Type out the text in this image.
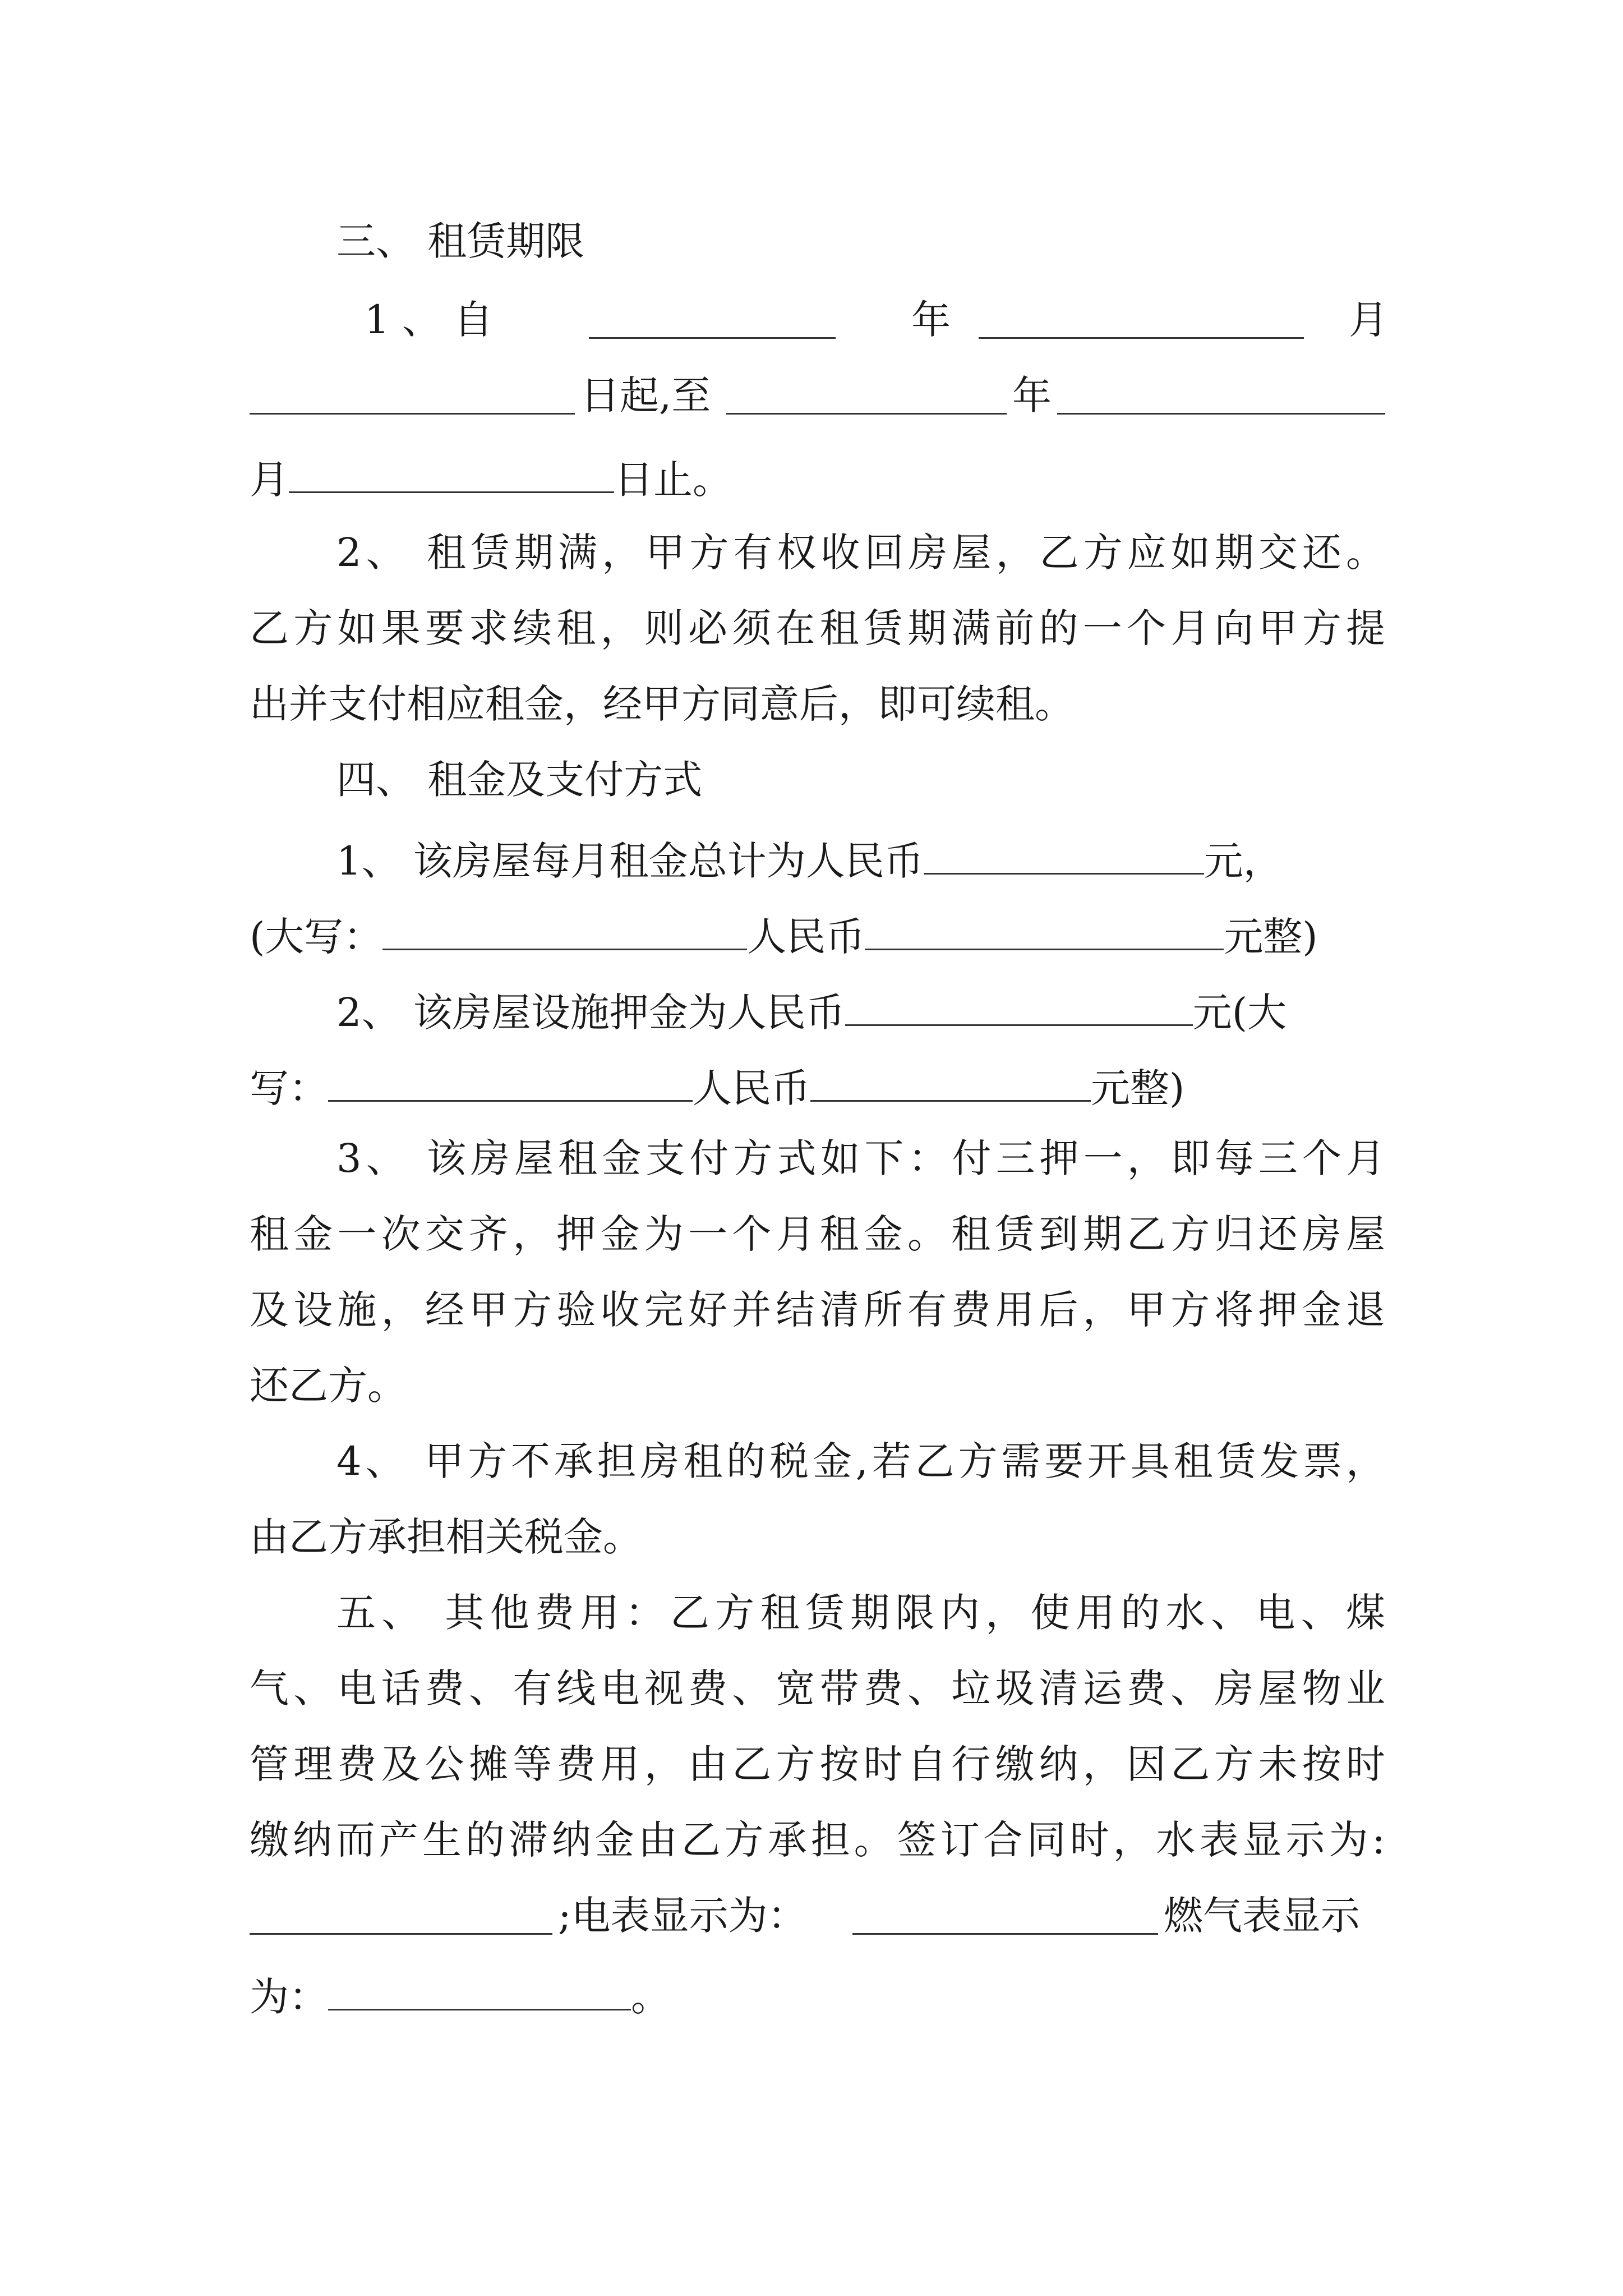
三、 租赁期限
1 、 自	年	月
日起,至	年
月	日止。
2、 租赁期满，甲方有权收回房屋，乙方应如期交还。
乙方如果要求续租，则必须在租赁期满前的一个月向甲方提
出并支付相应租金，经甲方同意后，即可续租。
四、 租金及支付方式
1、 该房屋每月租金总计为人民币	元，
(大写：	人民币	元整)
2、 该房屋设施押金为人民币	元(大
写：	人民币	元整)
3、 该房屋租金支付方式如下：付三押一，即每三个月
租金一次交齐，押金为一个月租金。租赁到期乙方归还房屋
及设施，经甲方验收完好并结清所有费用后，甲方将押金退
还乙方。
4、 甲方不承担房租的税金,若乙方需要开具租赁发票，
由乙方承担相关税金。
五、 其他费用：乙方租赁期限内，使用的水、电、煤
气、电话费、有线电视费、宽带费、垃圾清运费、房屋物业
管理费及公摊等费用，由乙方按时自行缴纳，因乙方未按时
缴纳而产生的滞纳金由乙方承担。签订合同时，水表显示为:
;电表显示为：	燃气表显示
为：	。
